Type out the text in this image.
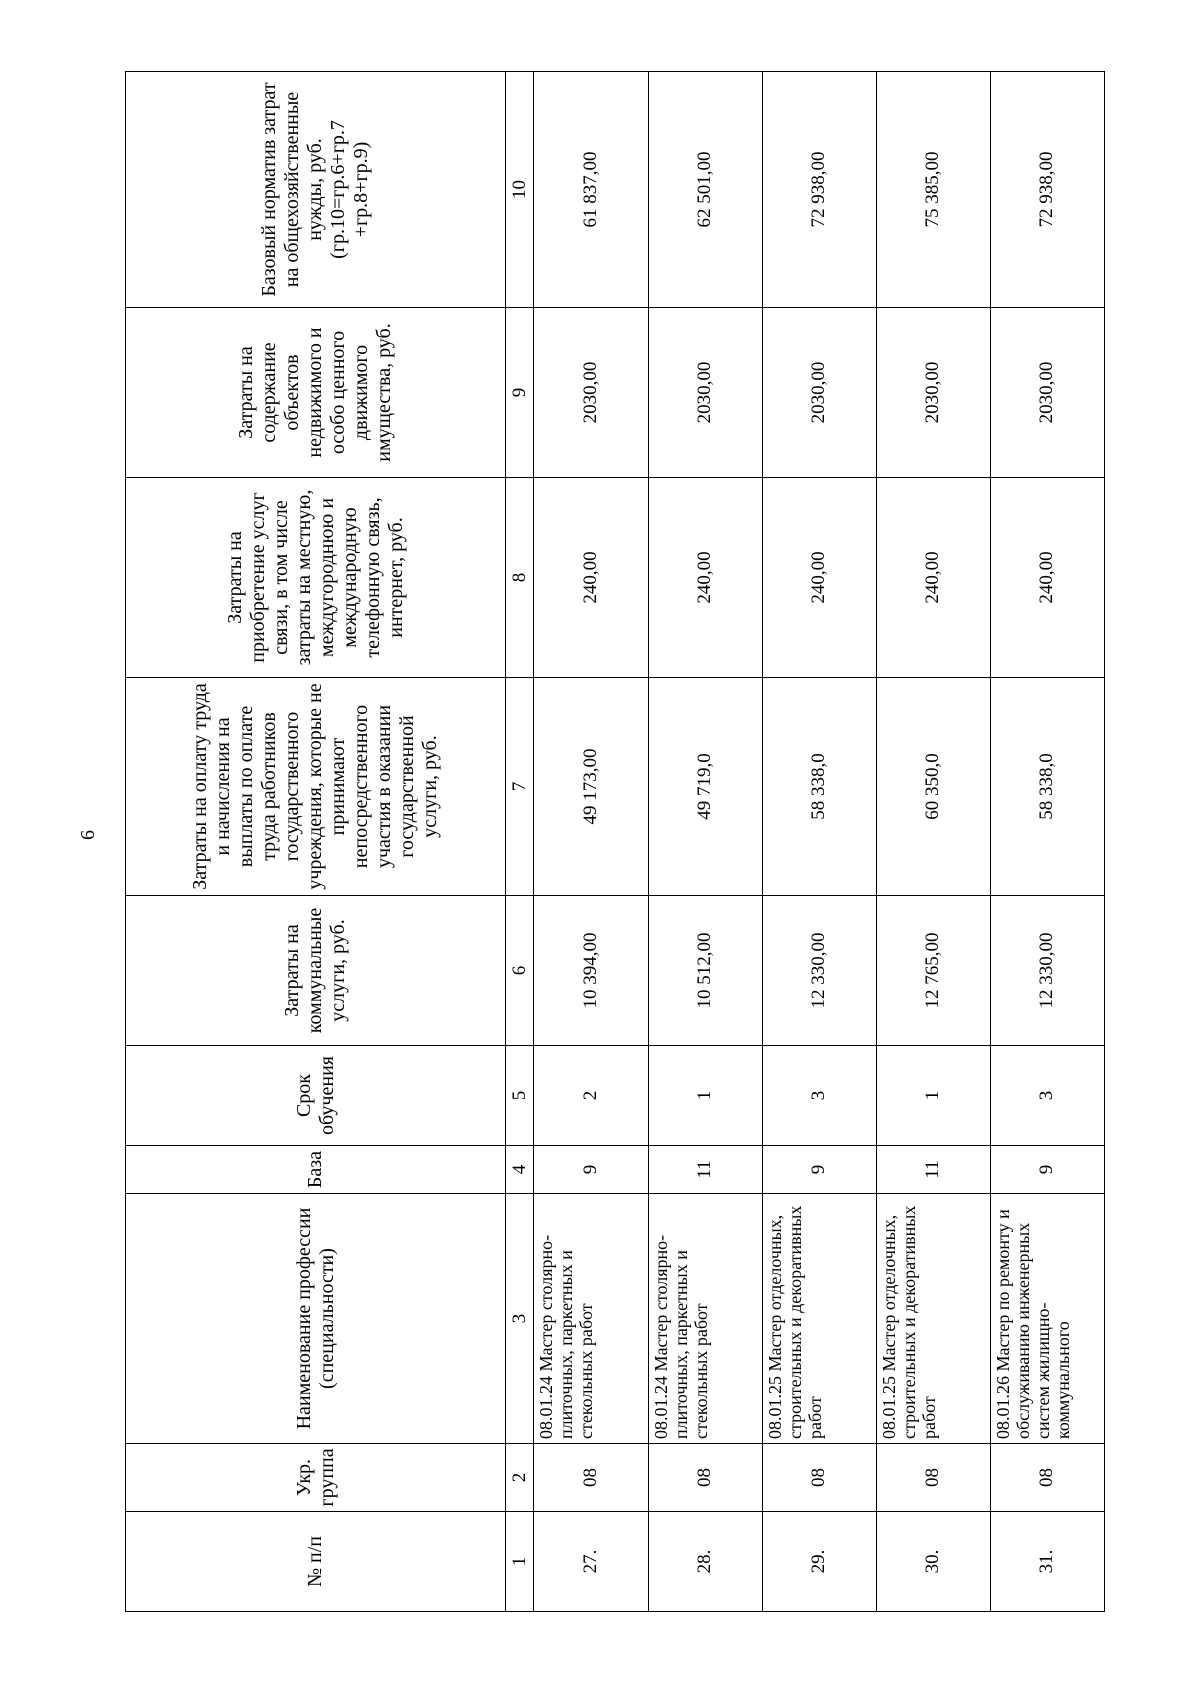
6
№ п/п	Укр. группа	Наименование профессии (специальности)	База	Срок обучения	Затраты на коммунальные услуги, руб.	Затраты на оплату труда и начисления на выплаты по оплате труда работников государственного учреждения, которые не принимают непосредственного участия в оказании государственной услуги, руб.	Затраты на приобретение услуг связи, в том числе затраты на местную, междугороднюю и международную телефонную связь, интернет, руб.	Затраты на содержание объектов недвижимого и особо ценного движимого имущества, руб.	Базовый норматив затрат на общехозяйственные нужды, руб. (гр.10=гр.6+гр.7 +гр.8+гр.9)
1	2	3	4	5	6	7	8	9	10
27.	08	08.01.24 Мастер столярно-плиточных, паркетных и стекольных работ	9	2	10 394,00	49 173,00	240,00	2030,00	61 837,00
28.	08	08.01.24 Мастер столярно-плиточных, паркетных и стекольных работ	11	1	10 512,00	49 719,0	240,00	2030,00	62 501,00
29.	08	08.01.25 Мастер отделочных, строительных и декоративных работ	9	3	12 330,00	58 338,0	240,00	2030,00	72 938,00
30.	08	08.01.25 Мастер отделочных, строительных и декоративных работ	11	1	12 765,00	60 350,0	240,00	2030,00	75 385,00
31.	08	08.01.26 Мастер по ремонту и обслуживанию инженерных систем жилищно-коммунального	9	3	12 330,00	58 338,0	240,00	2030,00	72 938,00
